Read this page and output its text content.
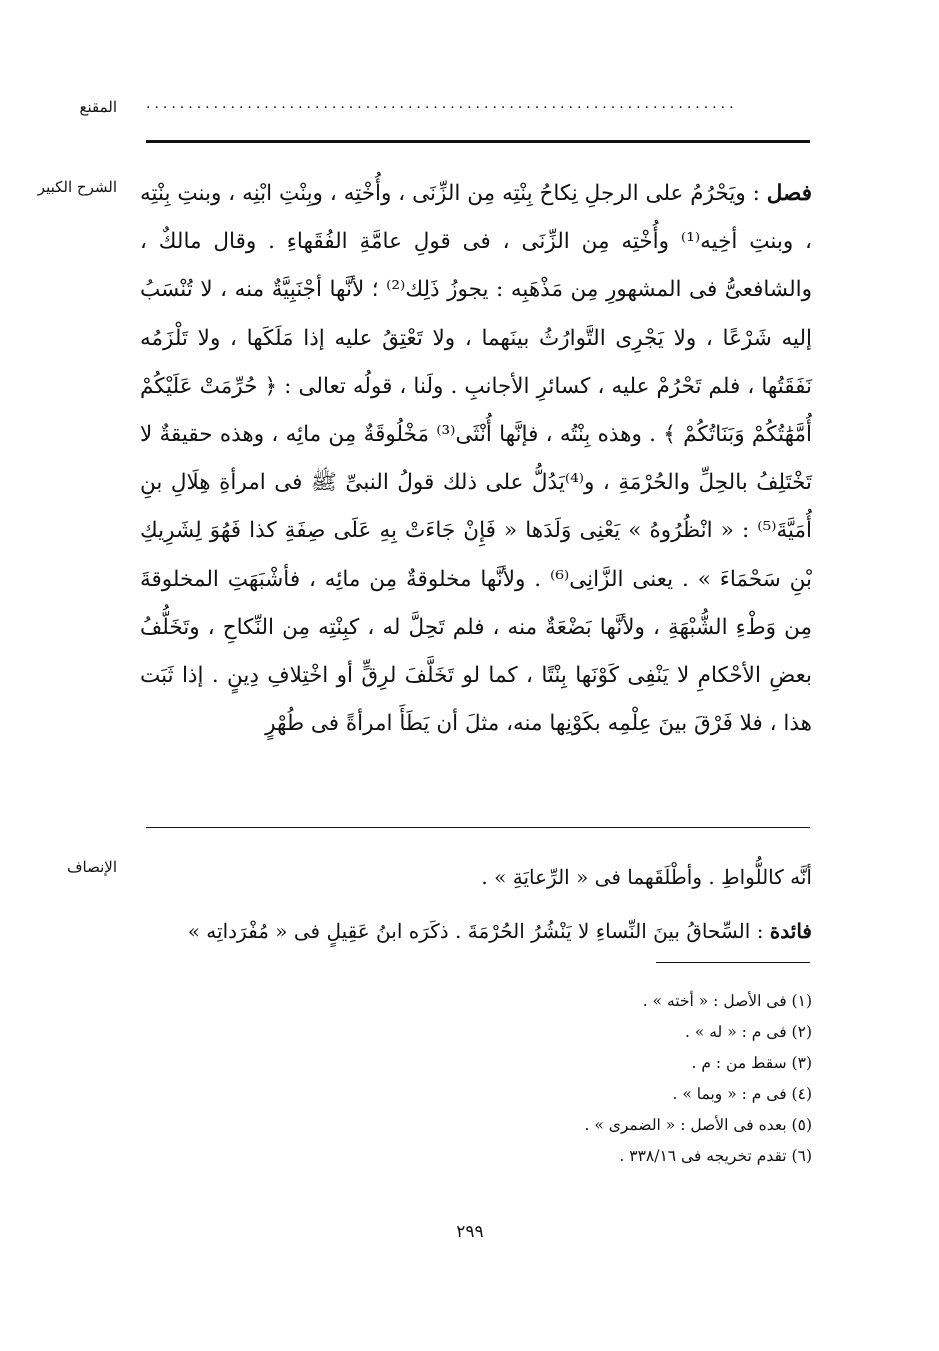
المقنع ......................................................................
الشرح الكبير	فصل : ويَحْرُمُ على الرجلِ نِكاحُ بِنْتِه مِن الزِّنَى ، وأُخْتِه ، وبِنْتِ ابْنِه ، وبنتِ بِنْتِه ، وبنتِ أخِيه⁽¹⁾ وأُخْتِه مِن الزِّنَى ، فى قولِ عامَّةِ الفُقَهاءِ . وقال مالكٌ ، والشافعىُّ فى المشهورِ مِن مَذْهَبِه : يجوزُ ذَلِك⁽²⁾ ؛ لأنَّها أجْنَبِيَّةٌ منه ، لا تُنْسَبُ إليه شَرْعًا ، ولا يَجْرِى التَّوارُثُ بينَهما ، ولا تَعْتِقُ عليه إذا مَلَكَها ، ولا تَلْزَمُه نَفَقَتُها ، فلم تَحْرُمْ عليه ، كسائرِ الأجانبِ . ولَنا ، قولُه تعالى : ﴿ حُرِّمَتْ عَلَيْكُمْ أُمَّهَٰتُكُمْ وَبَنَاتُكُمْ ﴾ . وهذه بِنْتُه ، فإنَّها أُنْثَى⁽³⁾ مَخْلُوقَةٌ مِن مائِه ، وهذه حقيقةٌ لا تَخْتَلِفُ بالحِلِّ والحُرْمَةِ ، و⁽⁴⁾يَدُلُّ على ذلك قولُ النبىِّ ﷺ فى امرأةِ هِلَالِ بنِ أُمَيَّةَ⁽⁵⁾ : « انْظُرُوهُ » يَعْنِى وَلَدَها « فَإِنْ جَاءَتْ بِهِ عَلَى صِفَةِ كذا فَهُوَ لِشَرِيكِ بْنِ سَحْمَاءَ » . يعنى الزَّانِى⁽⁶⁾ . ولأنَّها مخلوقةٌ مِن مائِه ، فأشْبَهَتِ المخلوقةَ مِن وَطْءِ الشُّبْهَةِ ، ولأنَّها بَضْعَةٌ منه ، فلم تَحِلَّ له ، كبِنْتِه مِن النِّكاحِ ، وتَخَلُّفُ بعضِ الأحْكامِ لا يَنْفِى كَوْنَها بِنْتًا ، كما لو تَخَلَّفَ لرِقٍّ أو اخْتِلافِ دِينٍ . إذا ثَبَت هذا ، فلا فَرْقَ بينَ عِلْمِه بكَوْنِها منه، مثلَ أن يَطَأَ امرأةً فى طُهْرٍ

الإنصاف	أنَّه كاللُّواطِ . وأطْلَقَهما فى « الرِّعايَةِ » .

فائدة : السِّحاقُ بينَ النِّساءِ لا يَنْشُرُ الحُرْمَةَ . ذكَرَه ابنُ عَقِيلٍ فى « مُفْرَداتِه »

(١) فى الأصل : « أخته » .

(٢) فى م : « له » .

(٣) سقط من : م .

(٤) فى م : « وبما » .

(٥) بعده فى الأصل : « الضمرى » .

(٦) تقدم تخريجه فى ٣٣٨/١٦ .

٢٩٩
